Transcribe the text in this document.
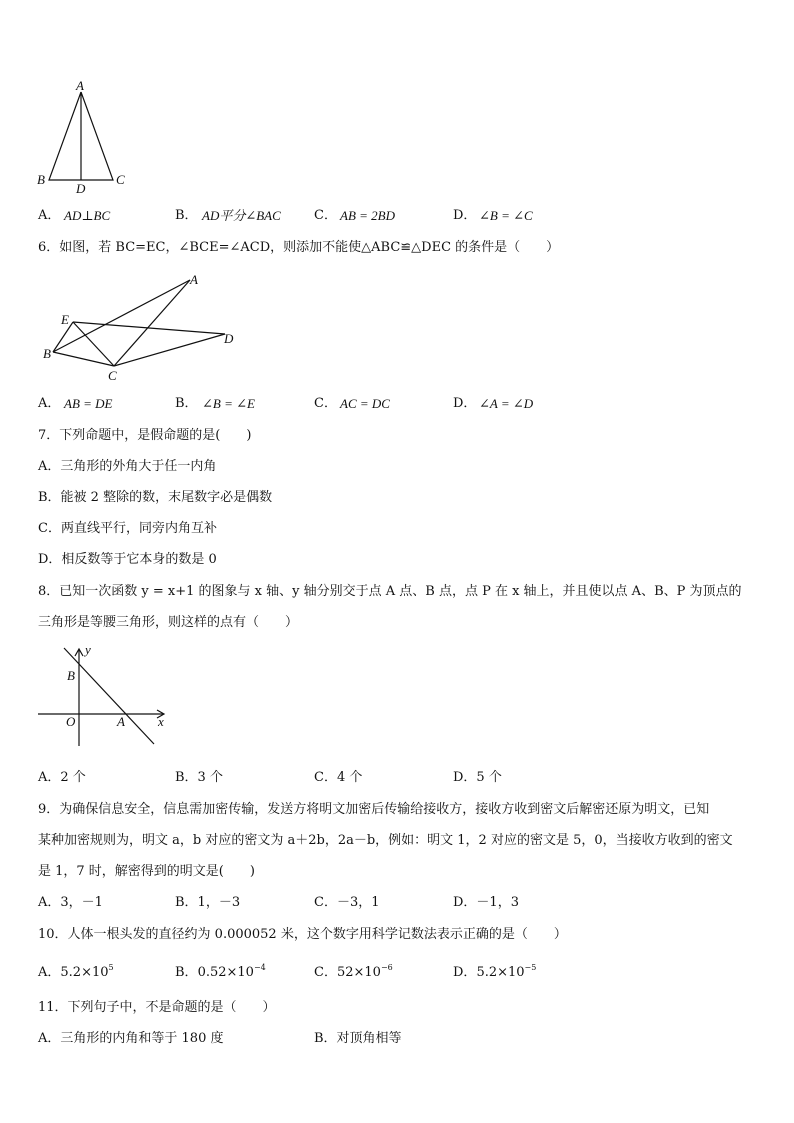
A
B	C
D
A． AD⊥BC	B． AD平分∠BAC	C． AB = 2BD	D． ∠B = ∠C
6．如图，若 BC=EC，∠BCE=∠ACD，则添加不能使△ABC≌△DEC 的条件是（　　）
A
B
C
D
E
A． AB = DE	B． ∠B = ∠E	C． AC = DC	D． ∠A = ∠D
7．下列命题中，是假命题的是(　　)
A．三角形的外角大于任一内角
B．能被 2 整除的数，末尾数字必是偶数
C．两直线平行，同旁内角互补
D．相反数等于它本身的数是 0
8．已知一次函数 y = x+1 的图象与 x 轴、y 轴分别交于点 A 点、B 点，点 P 在 x 轴上，并且使以点 A、B、P 为顶点的
三角形是等腰三角形，则这样的点有（　　）
y
x
B
O	A
A．2 个	B．3 个	C．4 个	D．5 个
9．为确保信息安全，信息需加密传输，发送方将明文加密后传输给接收方，接收方收到密文后解密还原为明文，已知
某种加密规则为，明文 a，b 对应的密文为 a＋2b，2a－b，例如：明文 1，2 对应的密文是 5，0，当接收方收到的密文
是 1，7 时，解密得到的明文是(　　)
A．3，－1	B．1，－3	C．－3，1	D．－1，3
10．人体一根头发的直径约为 0.000052 米，这个数字用科学记数法表示正确的是（　　）
A．$5.2\times 10^5$	B．$0.52\times 10^{-4}$	C．$52\times 10^{-6}$	D．$5.2\times 10^{-5}$
11．下列句子中，不是命题的是（　　）
A．三角形的内角和等于 180 度	B．对顶角相等
